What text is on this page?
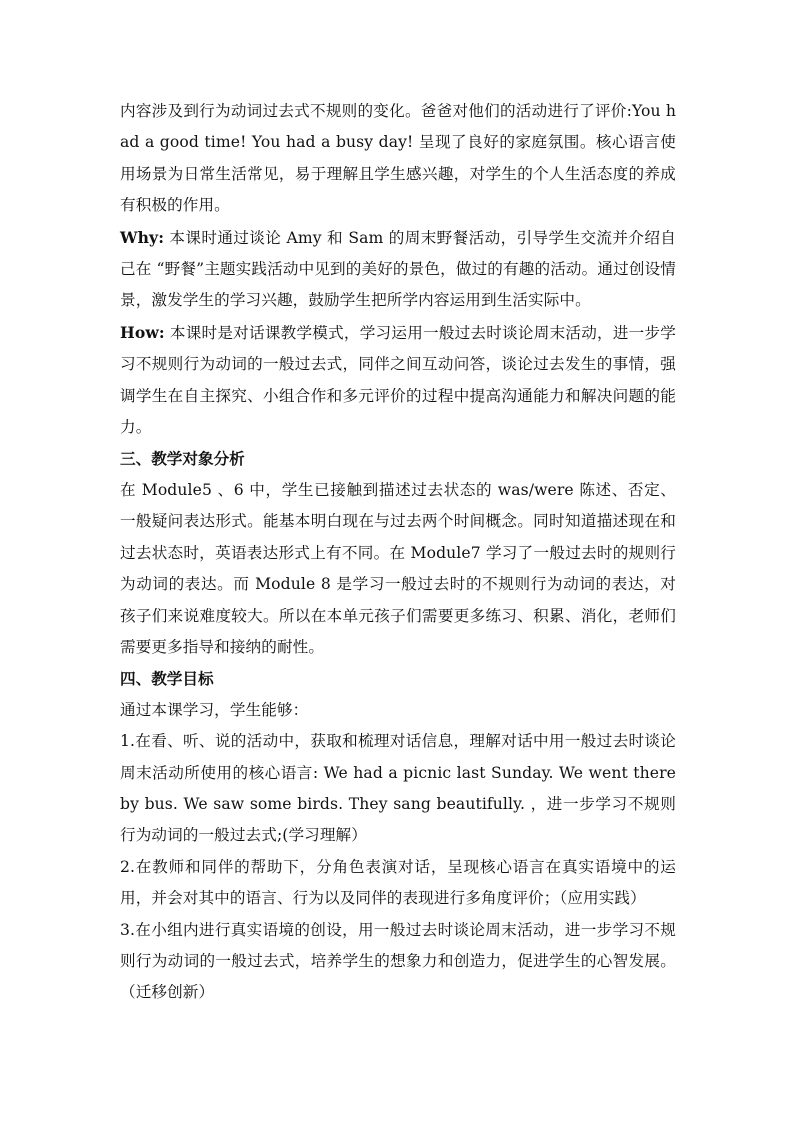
内容涉及到行为动词过去式不规则的变化。爸爸对他们的活动进行了评价:You had a good time! You had a busy day! 呈现了良好的家庭氛围。核心语言使用场景为日常生活常见，易于理解且学生感兴趣，对学生的个人生活态度的养成有积极的作用。

Why: 本课时通过谈论 Amy 和 Sam 的周末野餐活动，引导学生交流并介绍自己在 “野餐”主题实践活动中见到的美好的景色，做过的有趣的活动。通过创设情景，激发学生的学习兴趣，鼓励学生把所学内容运用到生活实际中。

How: 本课时是对话课教学模式，学习运用一般过去时谈论周末活动，进一步学习不规则行为动词的一般过去式，同伴之间互动问答，谈论过去发生的事情，强调学生在自主探究、小组合作和多元评价的过程中提高沟通能力和解决问题的能力。

三、教学对象分析

在 Module5 、6 中，学生已接触到描述过去状态的 was/were 陈述、否定、一般疑问表达形式。能基本明白现在与过去两个时间概念。同时知道描述现在和过去状态时，英语表达形式上有不同。在 Module7 学习了一般过去时的规则行为动词的表达。而 Module 8 是学习一般过去时的不规则行为动词的表达，对孩子们来说难度较大。所以在本单元孩子们需要更多练习、积累、消化，老师们需要更多指导和接纳的耐性。

四、教学目标

通过本课学习，学生能够：

1.在看、听、说的活动中，获取和梳理对话信息，理解对话中用一般过去时谈论周末活动所使用的核心语言: We had a picnic last Sunday. We went there by bus. We saw some birds. They sang beautifully. ，进一步学习不规则行为动词的一般过去式;(学习理解）

2.在教师和同伴的帮助下，分角色表演对话，呈现核心语言在真实语境中的运用，并会对其中的语言、行为以及同伴的表现进行多角度评价；（应用实践）

3.在小组内进行真实语境的创设，用一般过去时谈论周末活动，进一步学习不规则行为动词的一般过去式，培养学生的想象力和创造力，促进学生的心智发展。（迁移创新）
